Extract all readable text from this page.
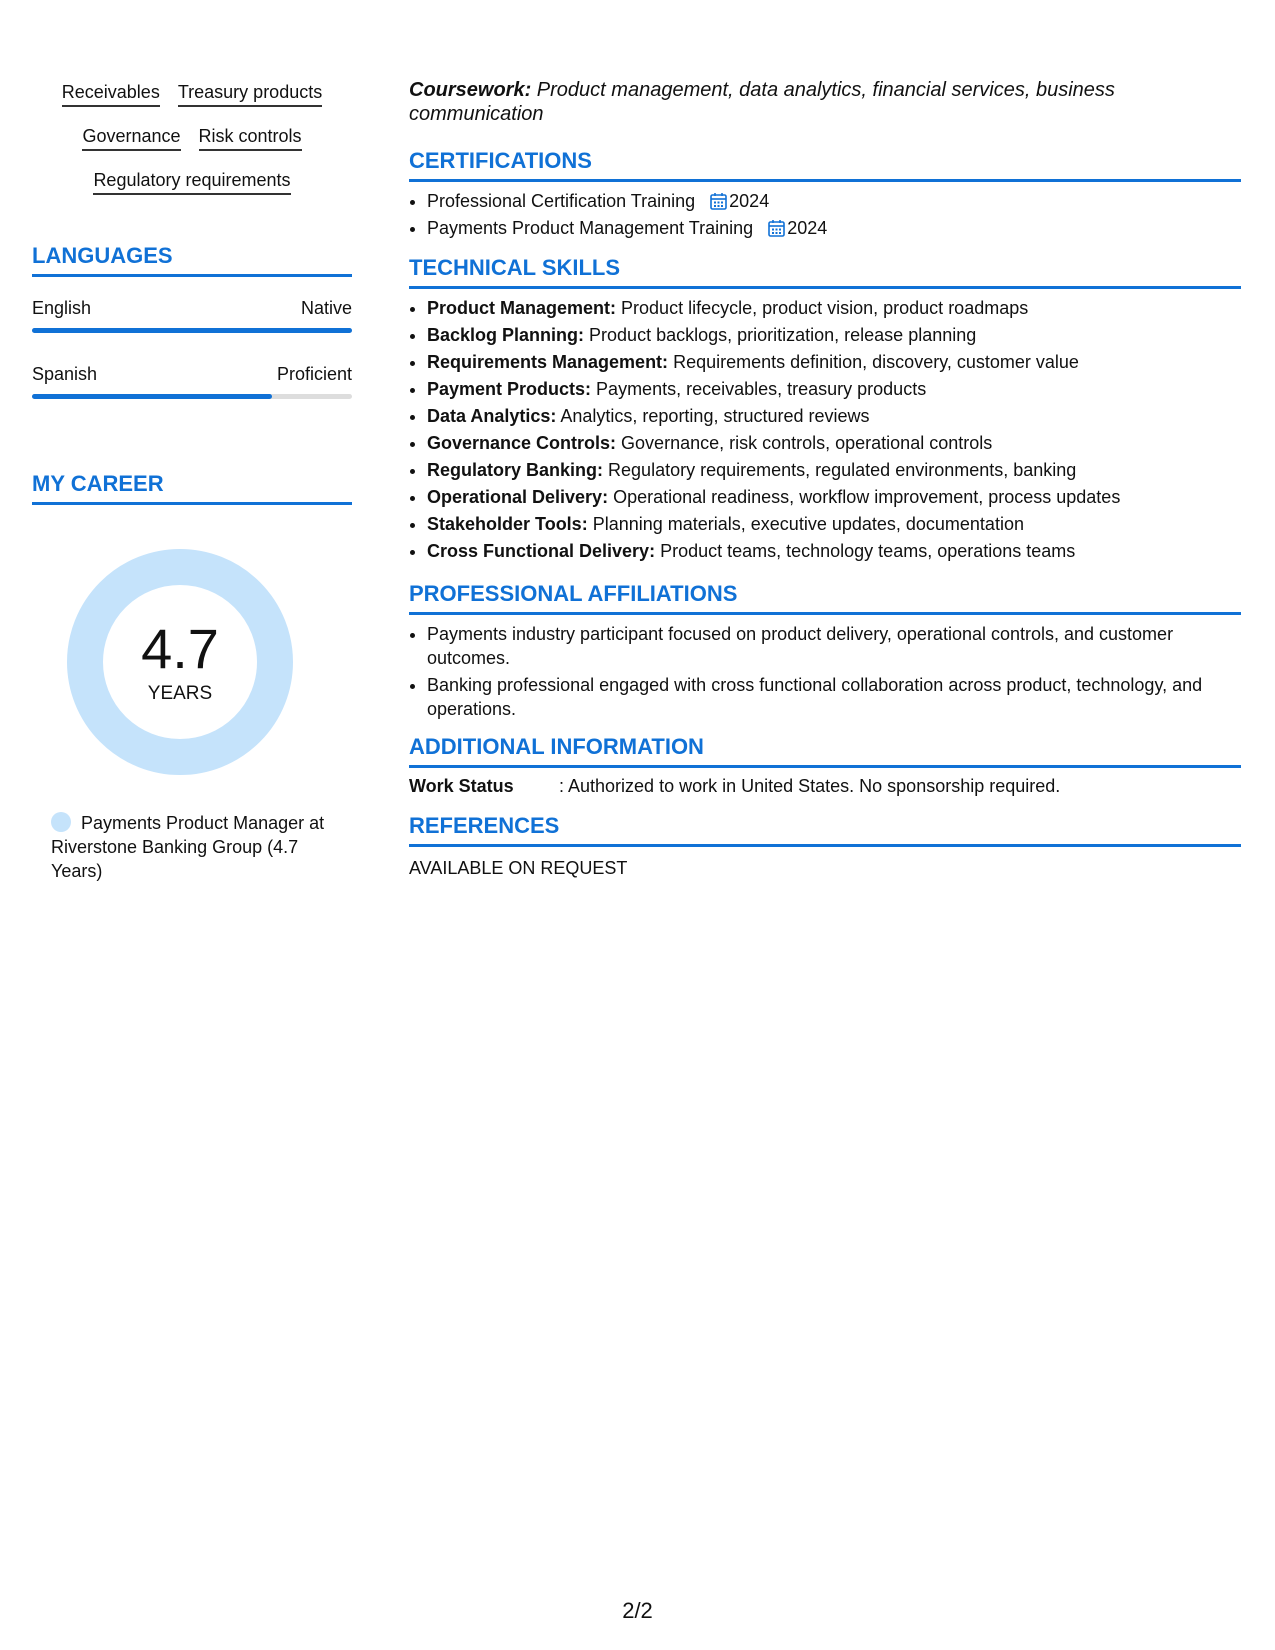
Receivables Treasury products
Governance Risk controls
Regulatory requirements
LANGUAGES
English	Native
Spanish	Proficient
MY CAREER
4.7
YEARS
Payments Product Manager at Riverstone Banking Group (4.7 Years)
Coursework: Product management, data analytics, financial services, business communication
CERTIFICATIONS
• Professional Certification Training 2024
• Payments Product Management Training 2024
TECHNICAL SKILLS
• Product Management: Product lifecycle, product vision, product roadmaps
• Backlog Planning: Product backlogs, prioritization, release planning
• Requirements Management: Requirements definition, discovery, customer value
• Payment Products: Payments, receivables, treasury products
• Data Analytics: Analytics, reporting, structured reviews
• Governance Controls: Governance, risk controls, operational controls
• Regulatory Banking: Regulatory requirements, regulated environments, banking
• Operational Delivery: Operational readiness, workflow improvement, process updates
• Stakeholder Tools: Planning materials, executive updates, documentation
• Cross Functional Delivery: Product teams, technology teams, operations teams
PROFESSIONAL AFFILIATIONS
• Payments industry participant focused on product delivery, operational controls, and customer outcomes.
• Banking professional engaged with cross functional collaboration across product, technology, and operations.
ADDITIONAL INFORMATION
Work Status	: Authorized to work in United States. No sponsorship required.
REFERENCES
AVAILABLE ON REQUEST
2/2
